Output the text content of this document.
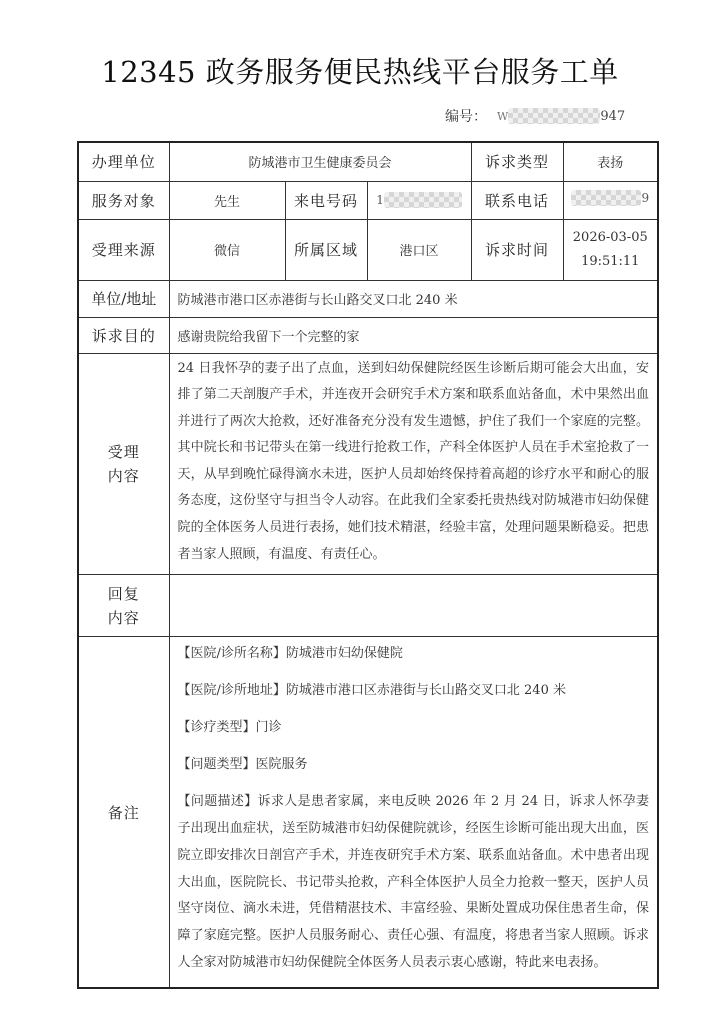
12345 政务服务便民热线平台服务工单
编号： W	947
办理单位	防城港市卫生健康委员会			诉求类型	表扬
服务对象	先生	来电号码	1	联系电话	9

受理来源	微信	所属区域	港口区	诉求时间	2026-03-05
19:51:11

单位/地址	防城港市港口区赤港街与长山路交叉口北 240 米				
诉求目的	感谢贵院给我留下一个完整的家				

受理
内容	24 日我怀孕的妻子出了点血，送到妇幼保健院经医生诊断后期可能会大出血，安排了第二天剖腹产手术，并连夜开会研究手术方案和联系血站备血，术中果然出血并进行了两次大抢救，还好准备充分没有发生遗憾，护住了我们一个家庭的完整。其中院长和书记带头在第一线进行抢救工作，产科全体医护人员在手术室抢救了一天，从早到晚忙碌得滴水未进，医护人员却始终保持着高超的诊疗水平和耐心的服务态度，这份坚守与担当令人动容。在此我们全家委托贵热线对防城港市妇幼保健院的全体医务人员进行表扬，她们技术精湛，经验丰富，处理问题果断稳妥。把患者当家人照顾，有温度、有责任心。				

回复
内容					

备注	【医院/诊所名称】防城港市妇幼保健院
【医院/诊所地址】防城港市港口区赤港街与长山路交叉口北 240 米
【诊疗类型】门诊
【问题类型】医院服务
【问题描述】诉求人是患者家属，来电反映 2026 年 2 月 24 日，诉求人怀孕妻子出现出血症状，送至防城港市妇幼保健院就诊，经医生诊断可能出现大出血，医院立即安排次日剖宫产手术，并连夜研究手术方案、联系血站备血。术中患者出现大出血，医院院长、书记带头抢救，产科全体医护人员全力抢救一整天，医护人员坚守岗位、滴水未进，凭借精湛技术、丰富经验、果断处置成功保住患者生命，保障了家庭完整。医护人员服务耐心、责任心强、有温度，将患者当家人照顾。诉求人全家对防城港市妇幼保健院全体医务人员表示衷心感谢，特此来电表扬。				
